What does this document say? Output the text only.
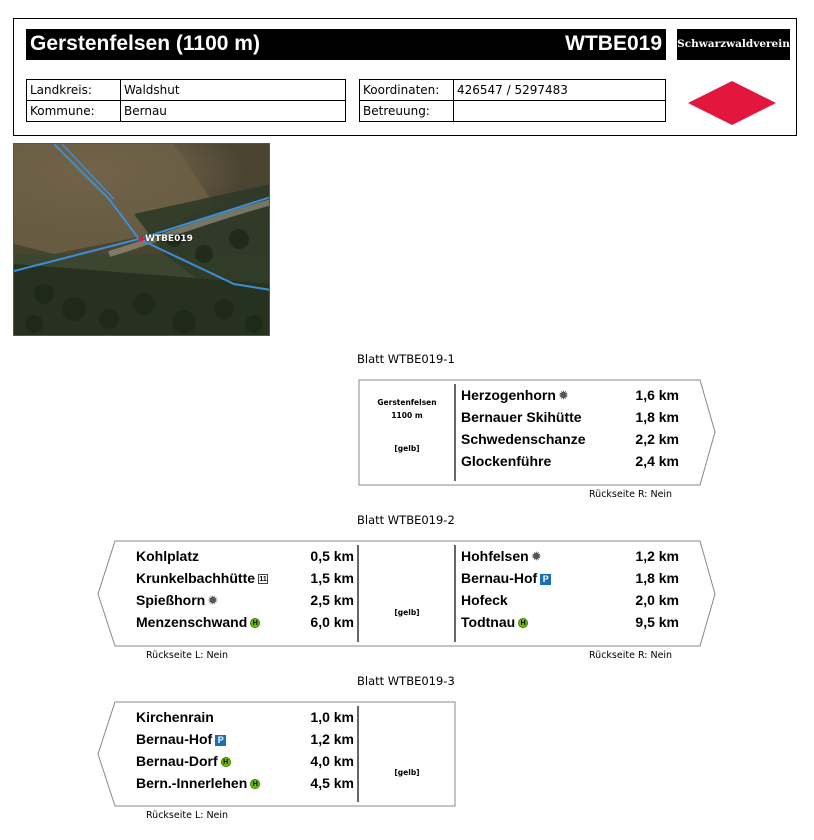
Gerstenfelsen (1100 m)	WTBE019 Schwarzwaldverein
Landkreis:	Waldshut
Kommune:	Bernau
Koordinaten:	426547 / 5297483
Betreuung:	
WTBE019
Blatt WTBE019-1
Gerstenfelsen
1100 m
[gelb]
Herzogenhorn ✹	1,6 km
Bernauer Skihütte	1,8 km
Schwedenschanze	2,2 km
Glockenführe	2,4 km
Rückseite R: Nein
Blatt WTBE019-2
Kohlplatz	0,5 km
Krunkelbachhütte 11	1,5 km
Spießhorn ✹	2,5 km
Menzenschwand H	6,0 km
[gelb]
Hohfelsen ✹	1,2 km
Bernau-Hof P	1,8 km
Hofeck	2,0 km
Todtnau H	9,5 km
Rückseite L: Nein	Rückseite R: Nein
Blatt WTBE019-3
Kirchenrain	1,0 km
Bernau-Hof P	1,2 km
Bernau-Dorf H	4,0 km
Bern.-Innerlehen H	4,5 km
[gelb]
Rückseite L: Nein
